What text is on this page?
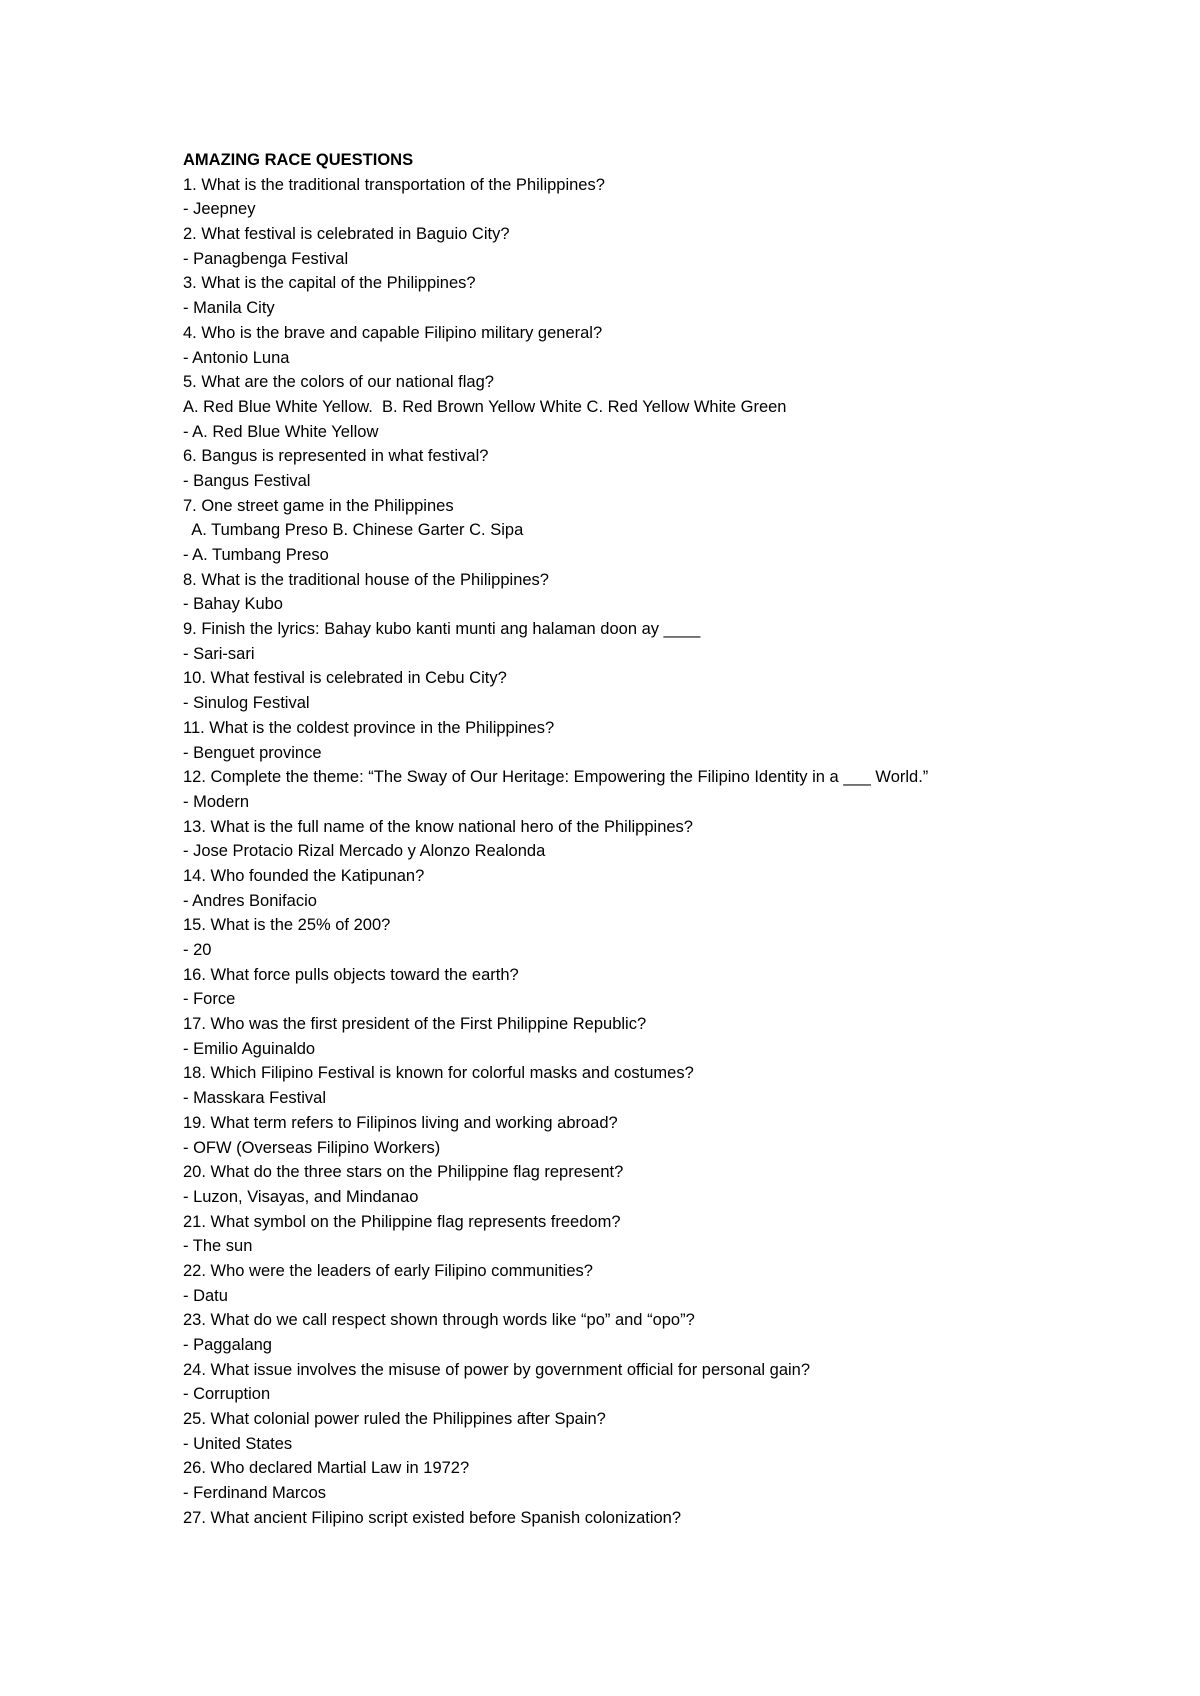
AMAZING RACE QUESTIONS
1. What is the traditional transportation of the Philippines?
- Jeepney
2. What festival is celebrated in Baguio City?
- Panagbenga Festival
3. What is the capital of the Philippines?
- Manila City
4. Who is the brave and capable Filipino military general?
- Antonio Luna
5. What are the colors of our national flag?
A. Red Blue White Yellow.  B. Red Brown Yellow White C. Red Yellow White Green
- A. Red Blue White Yellow
6. Bangus is represented in what festival?
- Bangus Festival
7. One street game in the Philippines
A. Tumbang Preso B. Chinese Garter C. Sipa
- A. Tumbang Preso
8. What is the traditional house of the Philippines?
- Bahay Kubo
9. Finish the lyrics: Bahay kubo kanti munti ang halaman doon ay ____
- Sari-sari
10. What festival is celebrated in Cebu City?
- Sinulog Festival
11. What is the coldest province in the Philippines?
- Benguet province
12. Complete the theme: “The Sway of Our Heritage: Empowering the Filipino Identity in a ___ World.”
- Modern
13. What is the full name of the know national hero of the Philippines?
- Jose Protacio Rizal Mercado y Alonzo Realonda
14. Who founded the Katipunan?
- Andres Bonifacio
15. What is the 25% of 200?
- 20
16. What force pulls objects toward the earth?
- Force
17. Who was the first president of the First Philippine Republic?
- Emilio Aguinaldo
18. Which Filipino Festival is known for colorful masks and costumes?
- Masskara Festival
19. What term refers to Filipinos living and working abroad?
- OFW (Overseas Filipino Workers)
20. What do the three stars on the Philippine flag represent?
- Luzon, Visayas, and Mindanao
21. What symbol on the Philippine flag represents freedom?
- The sun
22. Who were the leaders of early Filipino communities?
- Datu
23. What do we call respect shown through words like “po” and “opo”?
- Paggalang
24. What issue involves the misuse of power by government official for personal gain?
- Corruption
25. What colonial power ruled the Philippines after Spain?
- United States
26. Who declared Martial Law in 1972?
- Ferdinand Marcos
27. What ancient Filipino script existed before Spanish colonization?
